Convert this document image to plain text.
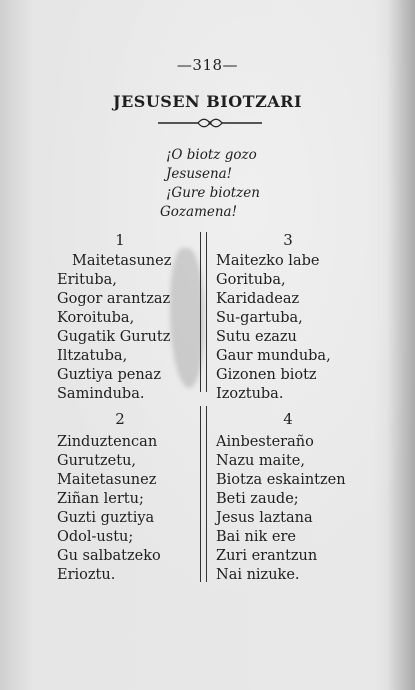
—318—
JESUSEN BIOTZARI
¡O biotz gozo
Jesusena!
¡Gure biotzen
Gozamena!
1	3
2	4
Maitetasunez
Erituba,
Gogor arantzaz
Koroituba,
Gugatik Gurutz
Iltzatuba,
Guztiya penaz
Saminduba.
Maitezko labe
Gorituba,
Karidadeaz
Su-gartuba,
Sutu ezazu
Gaur munduba,
Gizonen biotz
Izoztuba.
Zinduztencan
Gurutzetu,
Maitetasunez
Ziñan lertu;
Guzti guztiya
Odol-ustu;
Gu salbatzeko
Erioztu.
Ainbesteraño
Nazu maite,
Biotza eskaintzen
Beti zaude;
Jesus laztana
Bai nik ere
Zuri erantzun
Nai nizuke.
